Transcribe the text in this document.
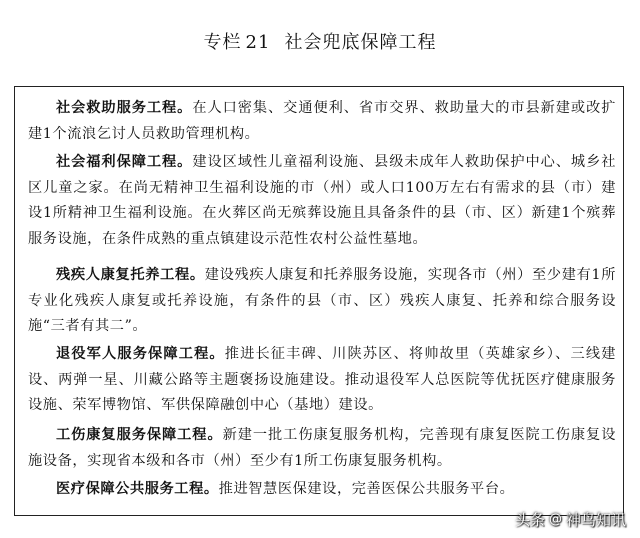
专栏 21 社会兜底保障工程
社会救助服务工程。在人口密集、交通便利、省市交界、救助量大的市县新建或改扩建1个流浪乞讨人员救助管理机构。
社会福利保障工程。建设区域性儿童福利设施、县级未成年人救助保护中心、城乡社区儿童之家。在尚无精神卫生福利设施的市（州）或人口100万左右有需求的县（市）建设1所精神卫生福利设施。在火葬区尚无殡葬设施且具备条件的县（市、区）新建1个殡葬服务设施，在条件成熟的重点镇建设示范性农村公益性墓地。
残疾人康复托养工程。建设残疾人康复和托养服务设施，实现各市（州）至少建有1所专业化残疾人康复或托养设施，有条件的县（市、区）残疾人康复、托养和综合服务设施“三者有其二”。
退役军人服务保障工程。推进长征丰碑、川陕苏区、将帅故里（英雄家乡）、三线建设、两弹一星、川藏公路等主题褒扬设施建设。推动退役军人总医院等优抚医疗健康服务设施、荣军博物馆、军供保障融创中心（基地）建设。
工伤康复服务保障工程。新建一批工伤康复服务机构，完善现有康复医院工伤康复设施设备，实现省本级和各市（州）至少有1所工伤康复服务机构。
医疗保障公共服务工程。推进智慧医保建设，完善医保公共服务平台。
头条 @ 神鸟知讯
